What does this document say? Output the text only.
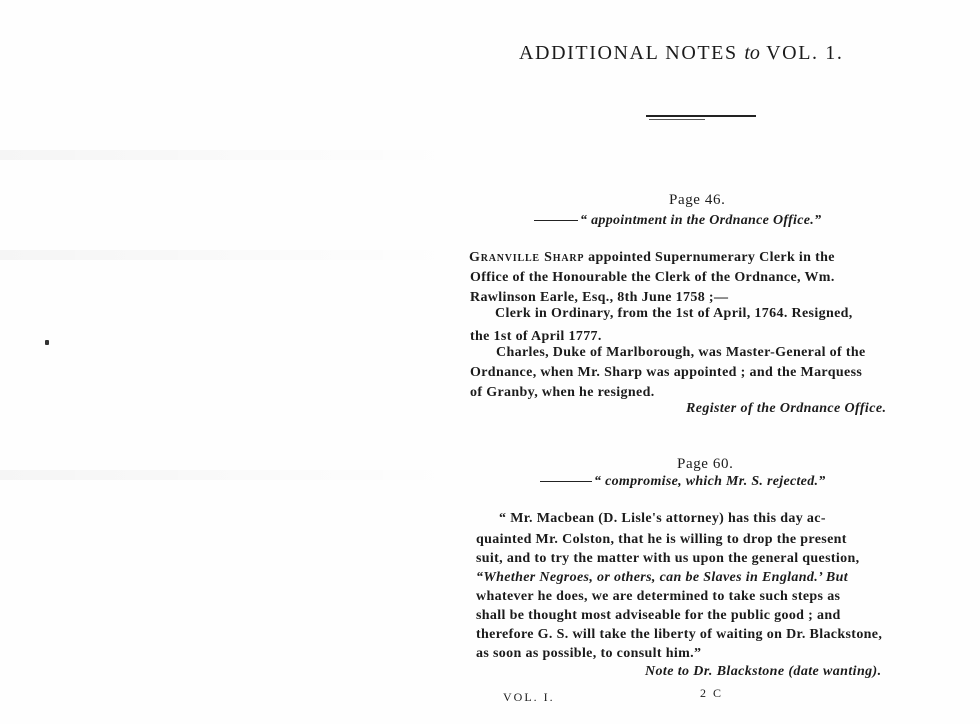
ADDITIONAL NOTES to VOL. 1.
Page 46.
“ appointment in the Ordnance Office.”
Granville Sharp appointed Supernumerary Clerk in the
Office of the Honourable the Clerk of the Ordnance, Wm.
Rawlinson Earle, Esq., 8th June 1758 ;—
Clerk in Ordinary, from the 1st of April, 1764. Resigned,
the 1st of April 1777.
Charles, Duke of Marlborough, was Master-General of the
Ordnance, when Mr. Sharp was appointed ; and the Marquess
of Granby, when he resigned.
Register of the Ordnance Office.
Page 60.
“ compromise, which Mr. S. rejected.”
“ Mr. Macbean (D. Lisle's attorney) has this day ac-
quainted Mr. Colston, that he is willing to drop the present
suit, and to try the matter with us upon the general question,
“Whether Negroes, or others, can be Slaves in England.’ But
whatever he does, we are determined to take such steps as
shall be thought most adviseable for the public good ; and
therefore G. S. will take the liberty of waiting on Dr. Blackstone,
as soon as possible, to consult him.”
Note to Dr. Blackstone (date wanting).
VOL. I.	2 C
